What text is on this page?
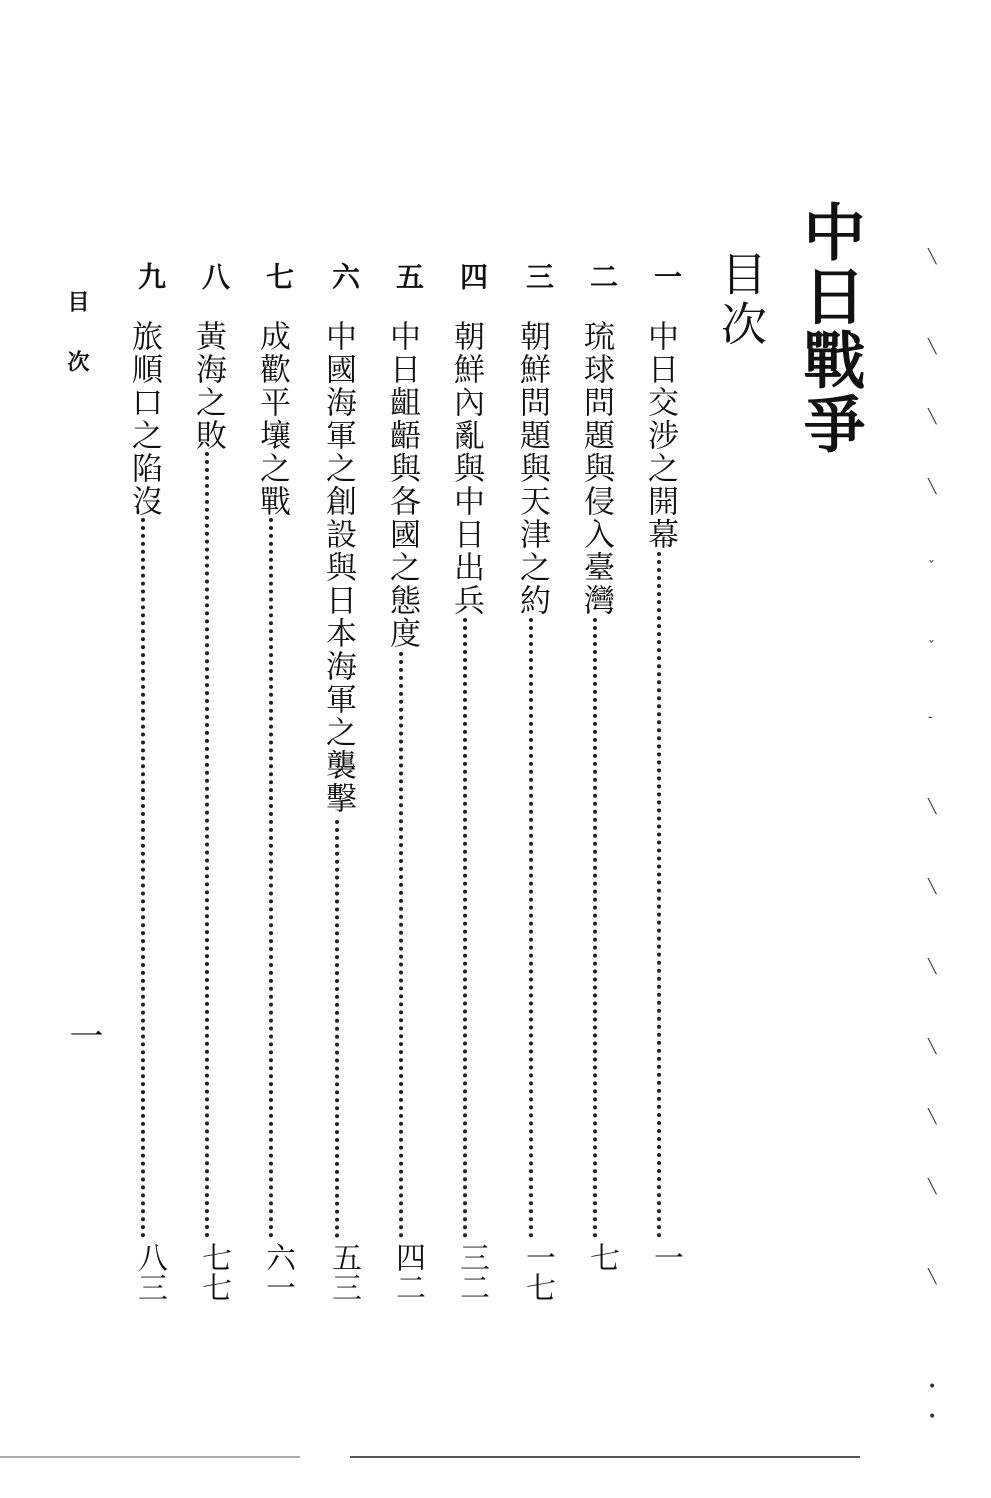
中日戰爭
目次
一
中日交涉之開幕
一
二
琉球問題與侵入臺灣
七
三
朝鮮問題與天津之約
一七
四
朝鮮內亂與中日出兵
三二
五
中日齟齬與各國之態度
四二
六
中國海軍之創設與日本海軍之襲擊
五三
七
成歡平壤之戰
六一
八
黃海之敗
七七
九
旅順口之陷沒
八三
目次
一
╲
╲
╲
╲
ˇ
ˇ
-
╲
╲
╲
╲
╲
╲
╲
•
•
